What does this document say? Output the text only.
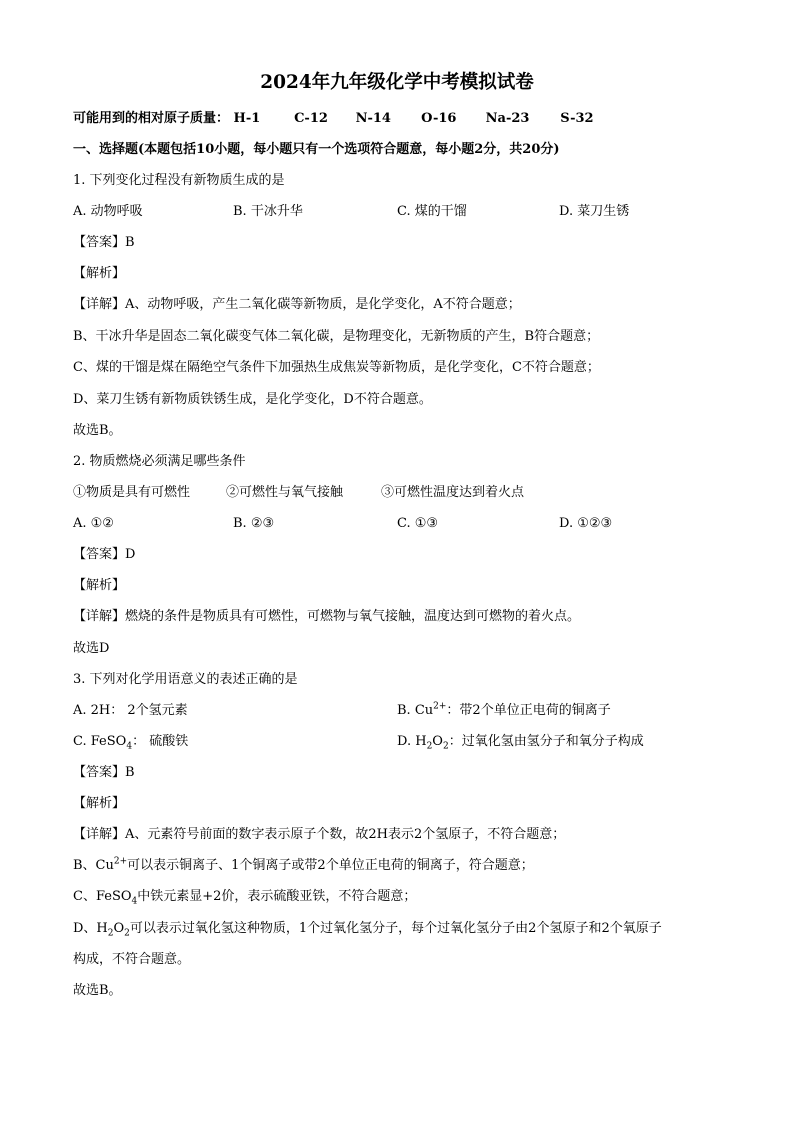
2024年九年级化学中考模拟试卷
可能用到的相对原子质量： H-1	C-12 N-14 O-16 Na-23 S-32
一、选择题(本题包括10小题，每小题只有一个选项符合题意，每小题2分，共20分)
1. 下列变化过程没有新物质生成的是
A. 动物呼吸	B. 干冰升华	C. 煤的干馏	D. 菜刀生锈
【答案】B
【解析】
【详解】A、动物呼吸，产生二氧化碳等新物质，是化学变化，A不符合题意；
B、干冰升华是固态二氧化碳变气体二氧化碳，是物理变化，无新物质的产生，B符合题意；
C、煤的干馏是煤在隔绝空气条件下加强热生成焦炭等新物质，是化学变化，C不符合题意；
D、菜刀生锈有新物质铁锈生成，是化学变化，D不符合题意。
故选B。
2. 物质燃烧必须满足哪些条件
①物质是具有可燃性	②可燃性与氧气接触	③可燃性温度达到着火点
A. ①②	B. ②③	C. ①③	D. ①②③
【答案】D
【解析】
【详解】燃烧的条件是物质具有可燃性，可燃物与氧气接触，温度达到可燃物的着火点。
故选D
3. 下列对化学用语意义的表述正确的是
A. 2H： 2个氢元素	B. $Cu^{2+}$：带2个单位正电荷的铜离子
C. FeSO$_4$： 硫酸铁	D. $H_2O_2$：过氧化氢由氢分子和氧分子构成
【答案】B
【解析】
【详解】A、元素符号前面的数字表示原子个数，故2H表示2个氢原子，不符合题意；
B、$Cu^{2+}$可以表示铜离子、1个铜离子或带2个单位正电荷的铜离子，符合题意；
C、FeSO$_4$中铁元素显+2价，表示硫酸亚铁，不符合题意；
D、$H_2O_2$可以表示过氧化氢这种物质，1个过氧化氢分子，每个过氧化氢分子由2个氢原子和2个氧原子
构成，不符合题意。
故选B。
